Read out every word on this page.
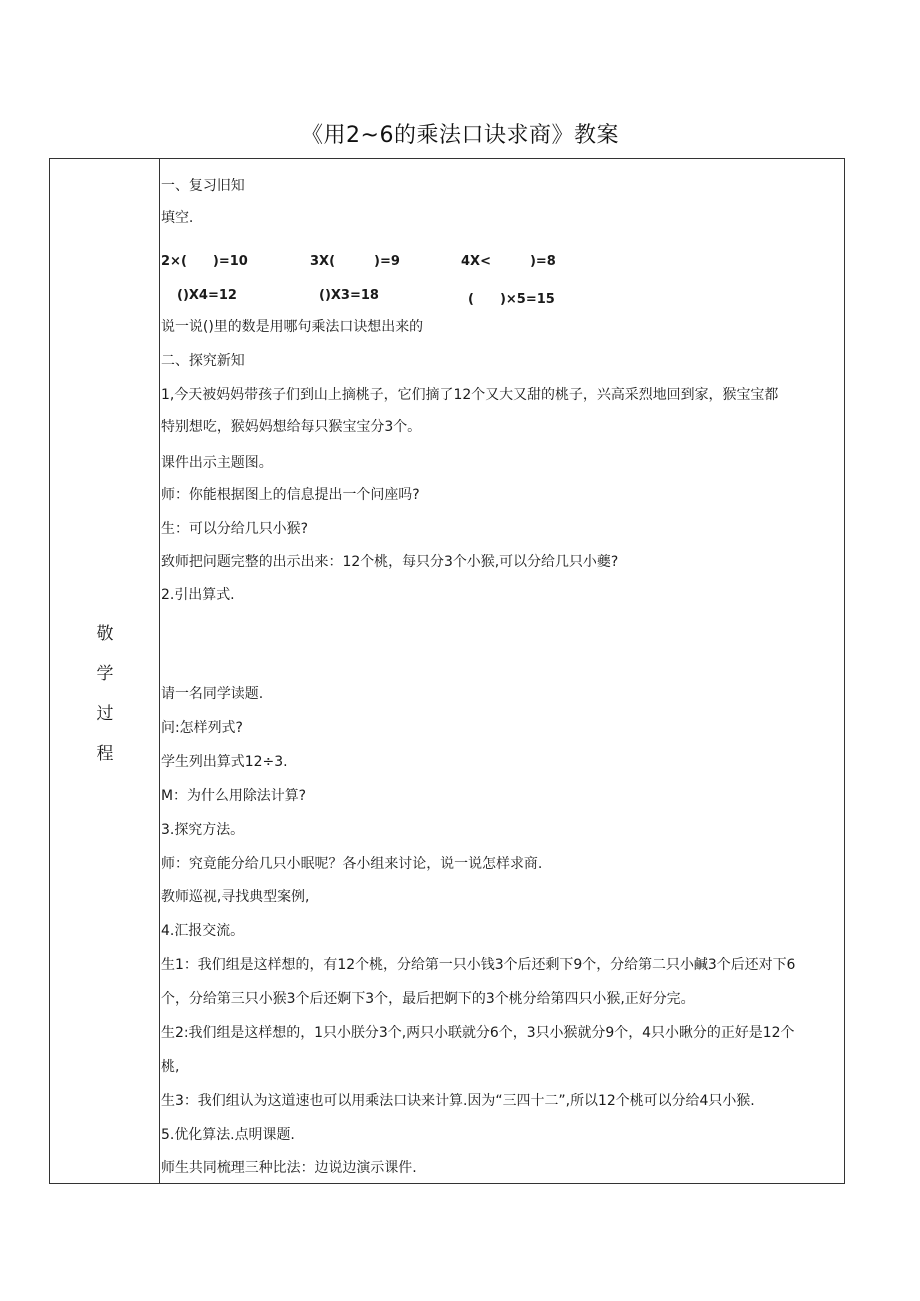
《用2~6的乘法口诀求商》教案
敬
学
过
程
一、复习旧知
填空.
2×(　　)=10	3X(　　　)=9	4X<　　　)=8
()X4=12	()X3=18	(　　)×5=15
说一说()里的数是用哪句乘法口诀想出来的
二、探究新知
1,今天被妈妈带孩子们到山上摘桃子，它们摘了12个又大又甜的桃子，兴高采烈地回到家，猴宝宝都
特别想吃，猴妈妈想给每只猴宝宝分3个。
课件出示主题图。
师：你能根据图上的信息提出一个问座吗?
生：可以分给几只小猴?
致师把问题完整的出示出来：12个桃，每只分3个小猴,可以分给几只小夔?
2.引出算式.
请一名同学读题.
问:怎样列式?
学生列出算式12÷3.
M：为什么用除法计算?
3.探究方法。
师：究竟能分给几只小眠呢？各小组来讨论，说一说怎样求商.
教师巡视,寻找典型案例,
4.汇报交流。
生1：我们组是这样想的，有12个桃，分给第一只小钱3个后还剩下9个，分给第二只小鹹3个后还对下6
个，分给第三只小猴3个后还婀下3个，最后把婀下的3个桃分给第四只小猴,正好分完。
生2:我们组是这样想的，1只小朕分3个,两只小联就分6个，3只小猴就分9个，4只小瞅分的正好是12个
桃,
生3：我们组认为这道速也可以用乘法口诀来计算.因为“三四十二”,所以12个桃可以分给4只小猴.
5.优化算法.点明课题.
师生共同梳理三种比法：边说边演示课件.
